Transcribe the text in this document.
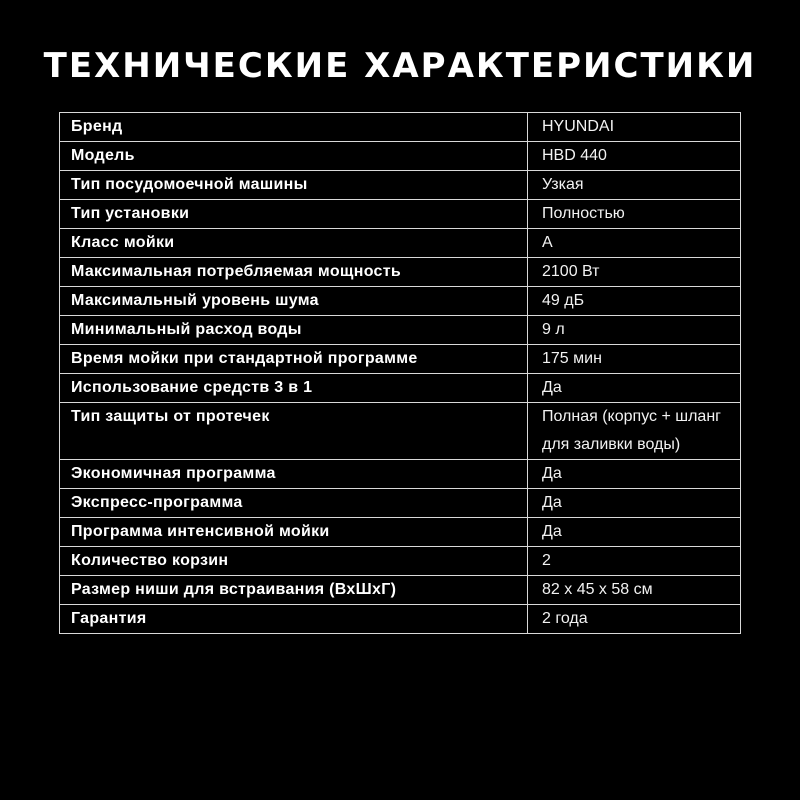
ТЕХНИЧЕСКИЕ ХАРАКТЕРИСТИКИ
Бренд	HYUNDAI
Модель	HBD 440
Тип посудомоечной машины	Узкая
Тип установки	Полностью
Класс мойки	A
Максимальная потребляемая мощность	2100 Вт
Максимальный уровень шума	49 дБ
Минимальный расход воды	9 л
Время мойки при стандартной программе	175 мин
Использование средств 3 в 1	Да
Тип защиты от протечек	Полная (корпус + шланг для заливки воды)
Экономичная программа	Да
Экспресс-программа	Да
Программа интенсивной мойки	Да
Количество корзин	2
Размер ниши для встраивания (ВхШхГ)	82 х 45 х 58 см
Гарантия	2 года
